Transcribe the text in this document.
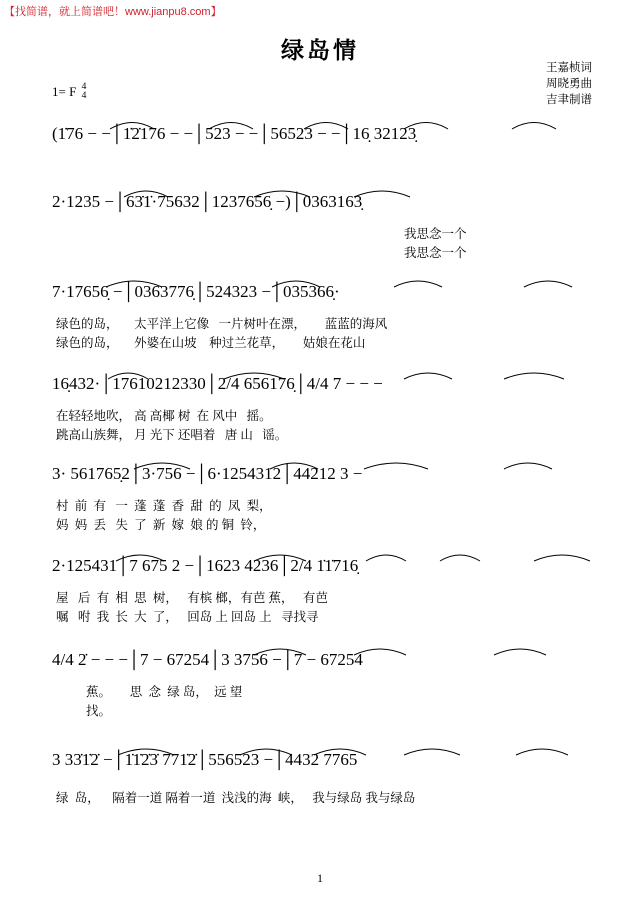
【找简谱，就上简谱吧！www.jianpu8.com】
绿岛情
王嘉桢词
周晓勇曲
吉聿制谱
1= F 4
4
(1̇76 − −│1̇2̇176 − −│523 − −│56523 − −│16̣ 32123̣
2·1235 −│63̇1̇·75632│1237656̣ −)│0363163̣

我思念一个

我思念一个

7·17656̣ −│0363776̣│524323 −│035366̣·

绿色的岛，     太平洋上它像   一片树叶在漂，      蓝蓝的海风

绿色的岛，     外婆在山坡    种过兰花草，      姑娘在花山

16̣432·│17610212330│2/4 656176̣│4/4 7 − − −

在轻轻地吹， 高 高椰 树  在 风中   摇。

跳高山族舞， 月 光下 还唱着   唐 山   谣。

3· 561765̣2│3·756 −│6·1254312│44212 3 −

村  前  有   一  蓬  蓬  香  甜  的  凤  梨，

妈  妈  丢   失  了  新  嫁  娘 的 铜  铃，

2·125431│7 675 2 −│1623 4236│2/4 1̇1̇716̣

屋   后  有  相  思  树，   有槟 榔，有芭 蕉，   有芭

嘱   咐  我  长  大  了，   回岛 上 回岛 上   寻找寻

4/4 2̇ − − −│7 − 67254│3 3756 −│7 − 67254

蕉。      思  念  绿 岛，  远 望

找。

3 33̇1̇2̇ −│1̇1̇2̇3̇ 771̇2̇│556523 −│4432 7765

绿  岛，    隔着一道 隔着一道  浅浅的海  峡，   我与绿岛 我与绿岛

1
